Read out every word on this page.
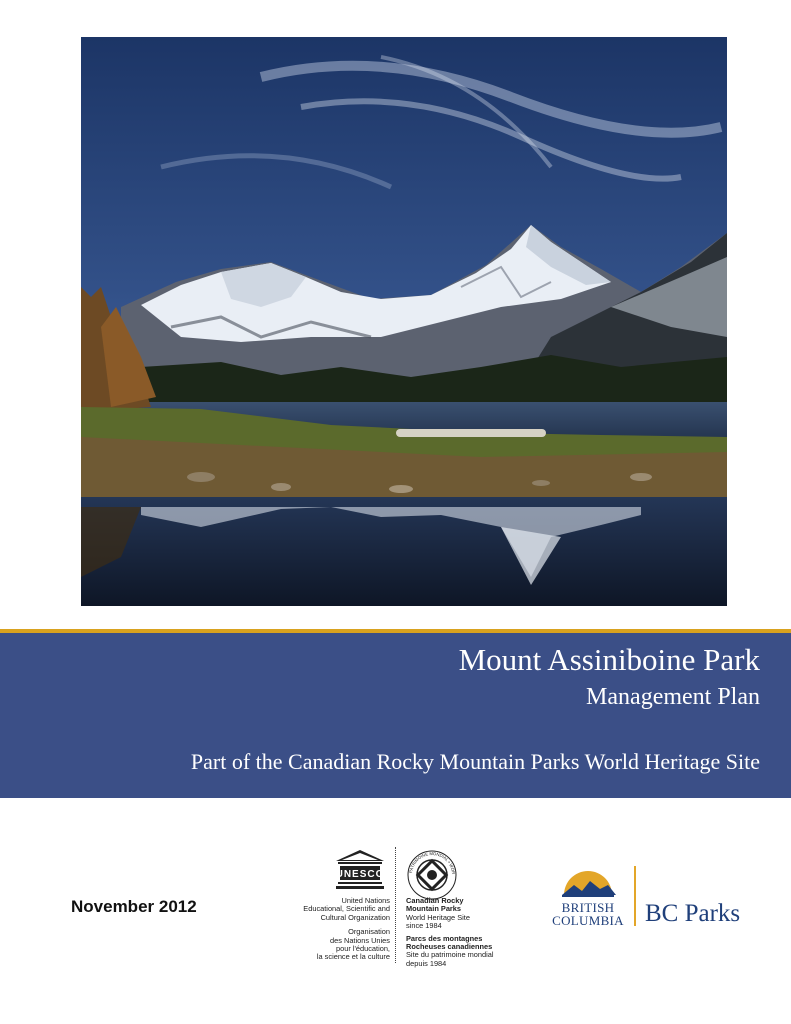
Mount Assiniboine Park
Management Plan
Part of the Canadian Rocky Mountain Parks World Heritage Site
November 2012
UNESCO
United Nations
Educational, Scientific and
Cultural Organization
Organisation
des Nations Unies
pour l'éducation,
la science et la culture
PATRIMOINE MONDIAL • WOR
Canadian Rocky
Mountain Parks
World Heritage Site
since 1984
Parcs des montagnes
Rocheuses canadiennes
Site du patrimoine mondial
depuis 1984
BRITISH
COLUMBIA BC Parks
